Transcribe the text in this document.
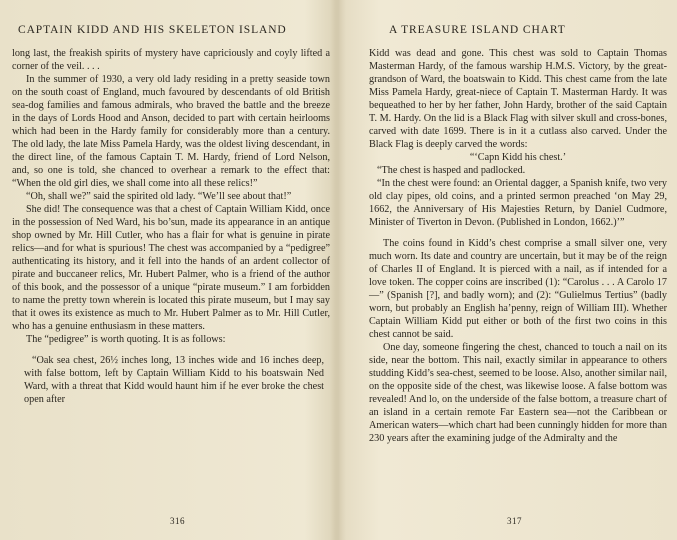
CAPTAIN KIDD AND HIS SKELETON ISLAND

long last, the freakish spirits of mystery have capriciously and coyly lifted a corner of the veil. . . .

In the summer of 1930, a very old lady residing in a pretty seaside town on the south coast of England, much favoured by descendants of old British sea-dog families and famous admirals, who braved the battle and the breeze in the days of Lords Hood and Anson, decided to part with certain heirlooms which had been in the Hardy family for considerably more than a century. The old lady, the late Miss Pamela Hardy, was the oldest living descendant, in the direct line, of the famous Captain T. M. Hardy, friend of Lord Nelson, and, so one is told, she chanced to overhear a remark to the effect that: “When the old girl dies, we shall come into all these relics!”

“Oh, shall we?” said the spirited old lady. “We’ll see about that!”

She did! The consequence was that a chest of Captain William Kidd, once in the possession of Ned Ward, his bo’sun, made its appearance in an antique shop owned by Mr. Hill Cutler, who has a flair for what is genuine in pirate relics—and for what is spurious! The chest was accompanied by a “pedigree” authenticating its history, and it fell into the hands of an ardent collector of pirate and buccaneer relics, Mr. Hubert Palmer, who is a friend of the author of this book, and the possessor of a unique “pirate museum.” I am forbidden to name the pretty town wherein is located this pirate museum, but I may say that it owes its existence as much to Mr. Hubert Palmer as to Mr. Hill Cutler, who has a genuine enthusiasm in these matters.

The “pedigree” is worth quoting. It is as follows:

“Oak sea chest, 26½ inches long, 13 inches wide and 16 inches deep, with false bottom, left by Captain William Kidd to his boatswain Ned Ward, with a threat that Kidd would haunt him if he ever broke the chest open after

316
A TREASURE ISLAND CHART

Kidd was dead and gone. This chest was sold to Captain Thomas Masterman Hardy, of the famous warship H.M.S. Victory, by the great-grandson of Ward, the boatswain to Kidd. This chest came from the late Miss Pamela Hardy, great-niece of Captain T. Masterman Hardy. It was bequeathed to her by her father, John Hardy, brother of the said Captain T. M. Hardy. On the lid is a Black Flag with silver skull and cross-bones, carved with date 1699. There is in it a cutlass also carved. Under the Black Flag is deeply carved the words:

“‘Capn Kidd his chest.’

“The chest is hasped and padlocked.

“In the chest were found: an Oriental dagger, a Spanish knife, two very old clay pipes, old coins, and a printed sermon preached ‘on May 29, 1662, the Anniversary of His Majesties Return, by Daniel Cudmore, Minister of Tiverton in Devon. (Published in London, 1662.)’”

The coins found in Kidd’s chest comprise a small silver one, very much worn. Its date and country are uncertain, but it may be of the reign of Charles II of England. It is pierced with a nail, as if intended for a love token. The copper coins are inscribed (1): “Carolus . . . A Carolo 17—” (Spanish [?], and badly worn); and (2): “Gulielmus Tertius” (badly worn, but probably an English ha’penny, reign of William III). Whether Captain William Kidd put either or both of the first two coins in this chest cannot be said.

One day, someone fingering the chest, chanced to touch a nail on its side, near the bottom. This nail, exactly similar in appearance to others studding Kidd’s sea-chest, seemed to be loose. Also, another similar nail, on the opposite side of the chest, was likewise loose. A false bottom was revealed! And lo, on the underside of the false bottom, a treasure chart of an island in a certain remote Far Eastern sea—not the Caribbean or American waters—which chart had been cunningly hidden for more than 230 years after the examining judge of the Admiralty and the

317
